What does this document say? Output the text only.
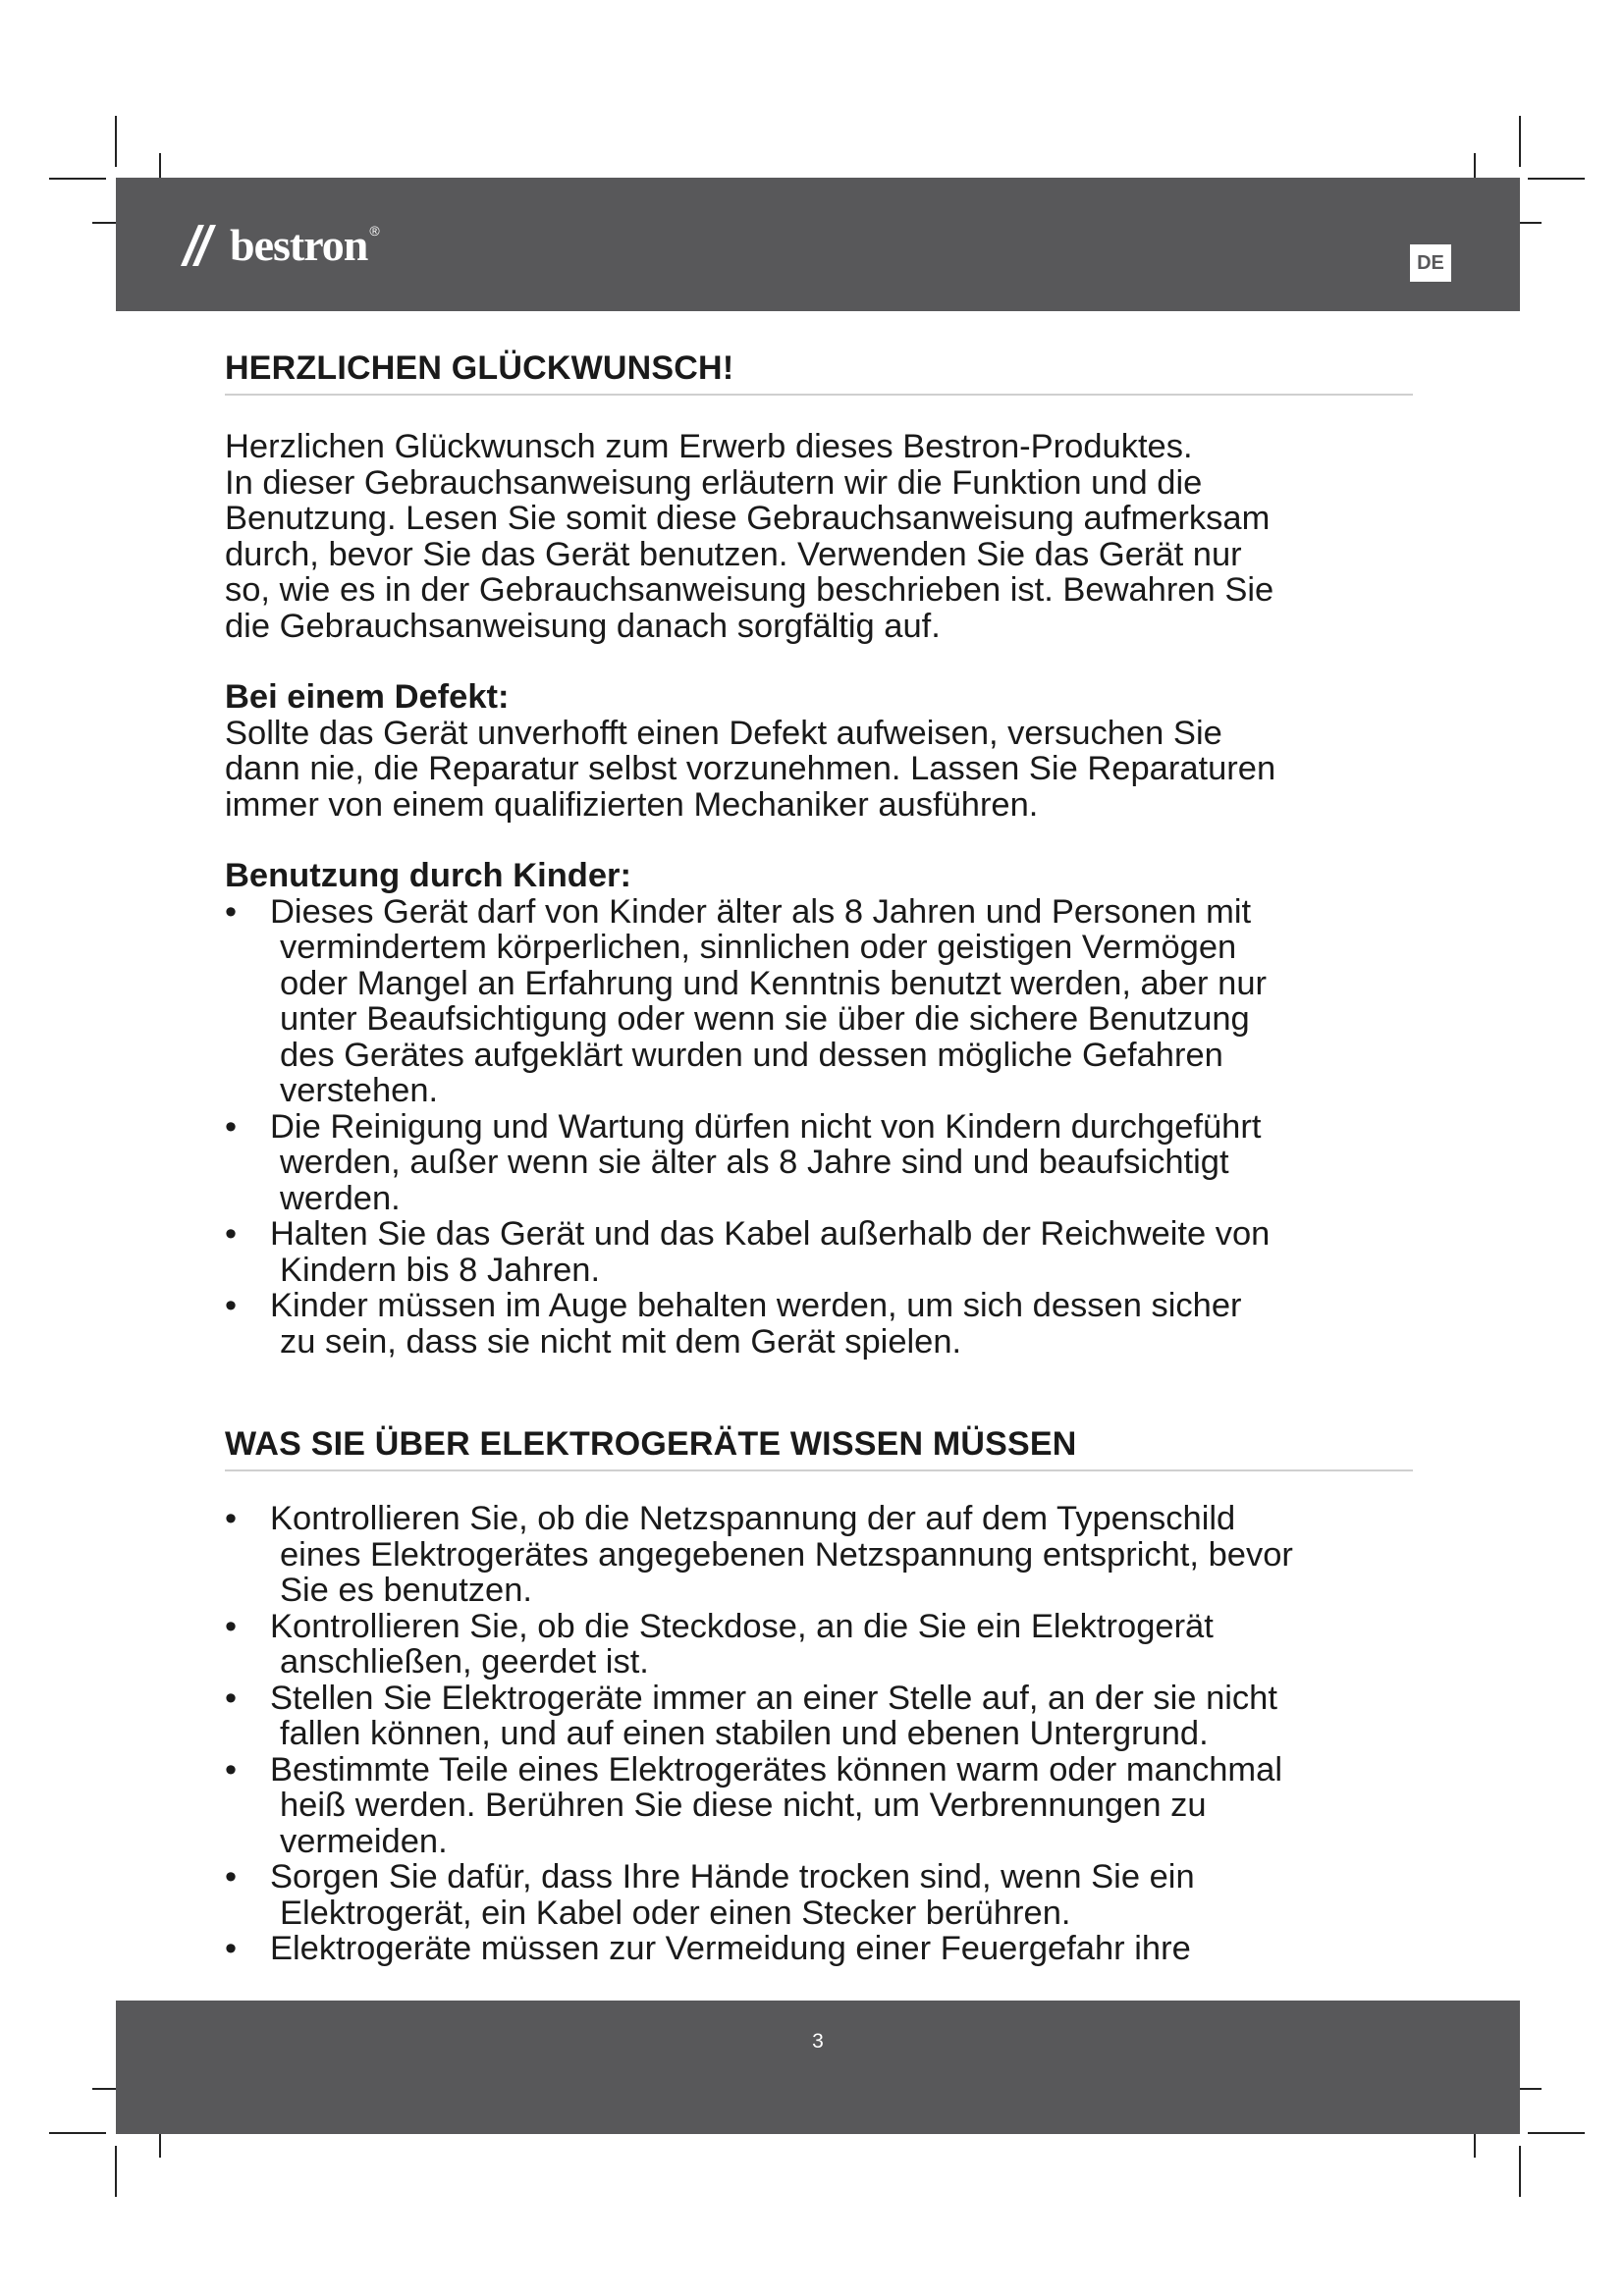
bestron ®
DE
HERZLICHEN GLÜCKWUNSCH!

Herzlichen Glückwunsch zum Erwerb dieses Bestron-Produktes.

In dieser Gebrauchsanweisung erläutern wir die Funktion und die

Benutzung. Lesen Sie somit diese Gebrauchsanweisung aufmerksam

durch, bevor Sie das Gerät benutzen. Verwenden Sie das Gerät nur

so, wie es in der Gebrauchsanweisung beschrieben ist. Bewahren Sie

die Gebrauchsanweisung danach sorgfältig auf.

Bei einem Defekt:

Sollte das Gerät unverhofft einen Defekt aufweisen, versuchen Sie

dann nie, die Reparatur selbst vorzunehmen. Lassen Sie Reparaturen

immer von einem qualifizierten Mechaniker ausführen.

Benutzung durch Kinder:

• Dieses Gerät darf von Kinder älter als 8 Jahren und Personen mit
vermindertem körperlichen, sinnlichen oder geistigen Vermögen
oder Mangel an Erfahrung und Kenntnis benutzt werden, aber nur
unter Beaufsichtigung oder wenn sie über die sichere Benutzung
des Gerätes aufgeklärt wurden und dessen mögliche Gefahren
verstehen.
• Die Reinigung und Wartung dürfen nicht von Kindern durchgeführt
werden, außer wenn sie älter als 8 Jahre sind und beaufsichtigt
werden.
• Halten Sie das Gerät und das Kabel außerhalb der Reichweite von
Kindern bis 8 Jahren.
• Kinder müssen im Auge behalten werden, um sich dessen sicher
zu sein, dass sie nicht mit dem Gerät spielen.
WAS SIE ÜBER ELEKTROGERÄTE WISSEN MÜSSEN
• Kontrollieren Sie, ob die Netzspannung der auf dem Typenschild
eines Elektrogerätes angegebenen Netzspannung entspricht, bevor
Sie es benutzen.
• Kontrollieren Sie, ob die Steckdose, an die Sie ein Elektrogerät
anschließen, geerdet ist.
• Stellen Sie Elektrogeräte immer an einer Stelle auf, an der sie nicht
fallen können, und auf einen stabilen und ebenen Untergrund.
• Bestimmte Teile eines Elektrogerätes können warm oder manchmal
heiß werden. Berühren Sie diese nicht, um Verbrennungen zu
vermeiden.
• Sorgen Sie dafür, dass Ihre Hände trocken sind, wenn Sie ein
Elektrogerät, ein Kabel oder einen Stecker berühren.
• Elektrogeräte müssen zur Vermeidung einer Feuergefahr ihre
3
